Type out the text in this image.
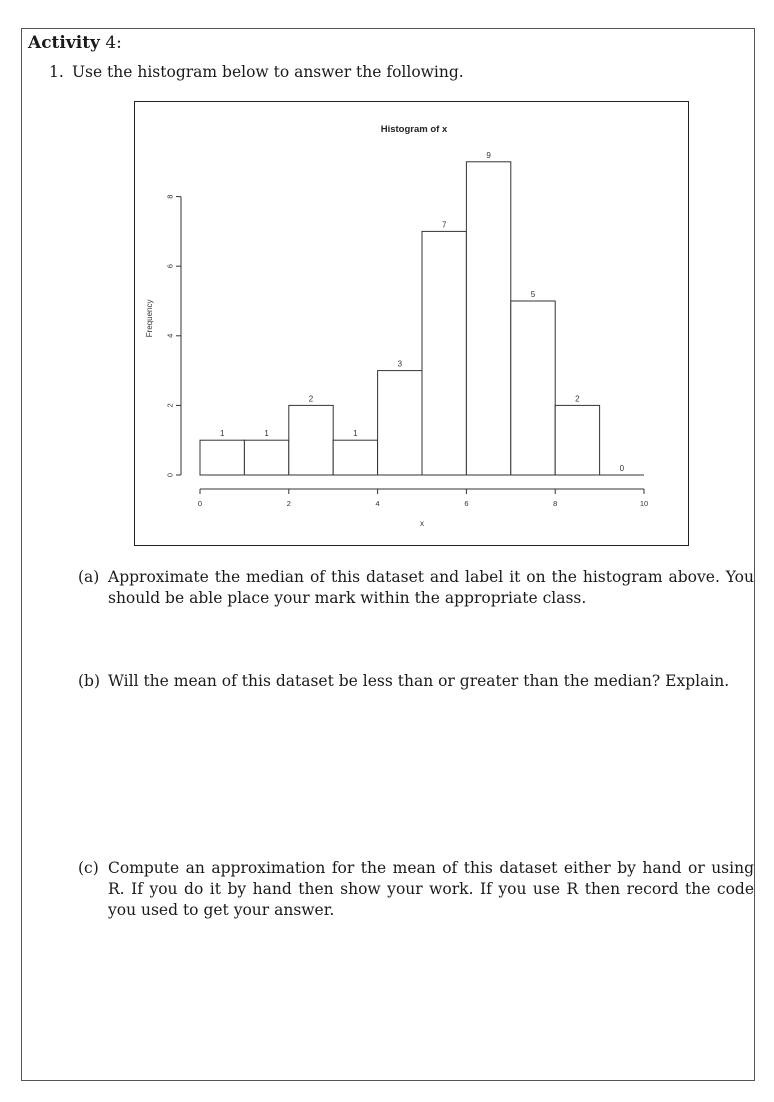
Activity 4:
1. Use the histogram below to answer the following.
Histogram of x
1	1
2
1
3
7
9
5
2
0
0	2	4	6	8	10
x
0
2
4
6
8
Frequency
(a) Approximate the median of this dataset and label it on the histogram above. You should be able place your mark within the appropriate class.
(b) Will the mean of this dataset be less than or greater than the median? Explain.
(c) Compute an approximation for the mean of this dataset either by hand or using R. If you do it by hand then show your work. If you use R then record the code you used to get your answer.
